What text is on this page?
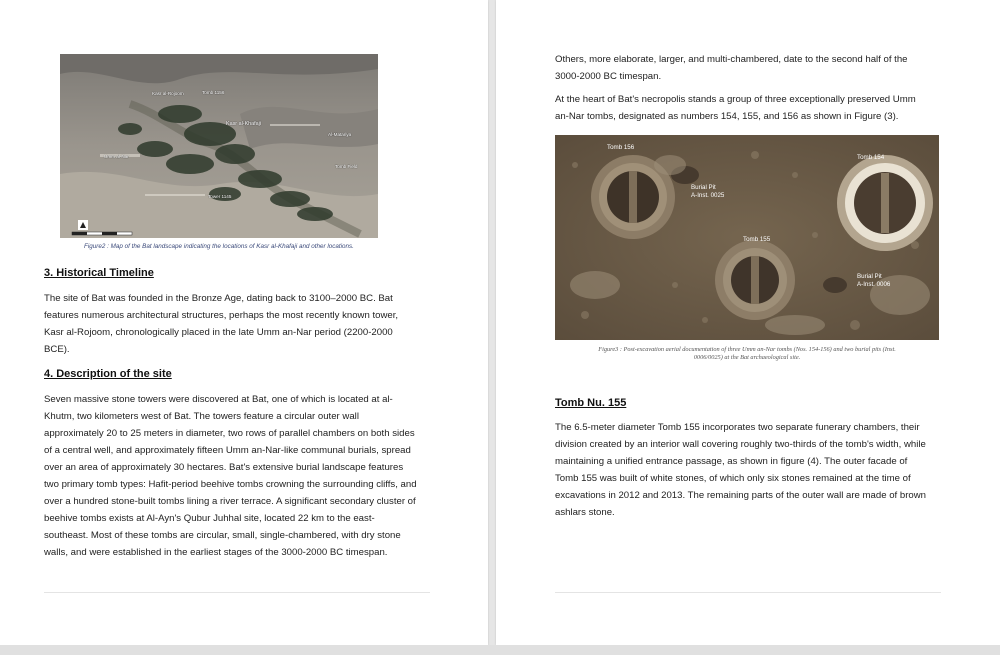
Kasr al-Rojoom	Tomb 1156
Kasr al-Khafaji
Al-Matariya
Umm al-Nar
Tomb Field
Tower 1145

Figure2 : Map of the Bat landscape indicating the locations of Kasr al-Khafaji and other locations.

3. Historical Timeline

The site of Bat was founded in the Bronze Age, dating back to 3100–2000 BC. Bat

features numerous architectural structures, perhaps the most recently known tower,

Kasr al-Rojoom, chronologically placed in the late Umm an-Nar period (2200-2000

BCE).

4. Description of the site

Seven massive stone towers were discovered at Bat, one of which is located at al-

Khutm, two kilometers west of Bat. The towers feature a circular outer wall

approximately 20 to 25 meters in diameter, two rows of parallel chambers on both sides

of a central well, and approximately fifteen Umm an-Nar-like communal burials, spread

over an area of approximately 30 hectares. Bat's extensive burial landscape features

two primary tomb types: Hafit-period beehive tombs crowning the surrounding cliffs, and

over a hundred stone-built tombs lining a river terrace. A significant secondary cluster of

beehive tombs exists at Al-Ayn's Qubur Juhhal site, located 22 km to the east-

southeast. Most of these tombs are circular, small, single-chambered, with dry stone

walls, and were established in the earliest stages of the 3000-2000 BC timespan.

Others, more elaborate, larger, and multi-chambered, date to the second half of the

3000-2000 BC timespan.

At the heart of Bat's necropolis stands a group of three exceptionally preserved Umm

an-Nar tombs, designated as numbers 154, 155, and 156 as shown in Figure (3).

Tomb 156
Tomb 154
Tomb 155
Burial Pit
A-Inst. 0025
Burial Pit
A-Inst. 0006

Figure3 : Post-excavation aerial documentation of three Umm an-Nar tombs (Nos. 154-156) and two burial pits (Inst.

0006/0025) at the Bat archaeological site.

Tomb Nu. 155

The 6.5-meter diameter Tomb 155 incorporates two separate funerary chambers, their

division created by an interior wall covering roughly two-thirds of the tomb's width, while

maintaining a unified entrance passage, as shown in figure (4). The outer facade of

Tomb 155 was built of white stones, of which only six stones remained at the time of

excavations in 2012 and 2013. The remaining parts of the outer wall are made of brown

ashlars stone.
